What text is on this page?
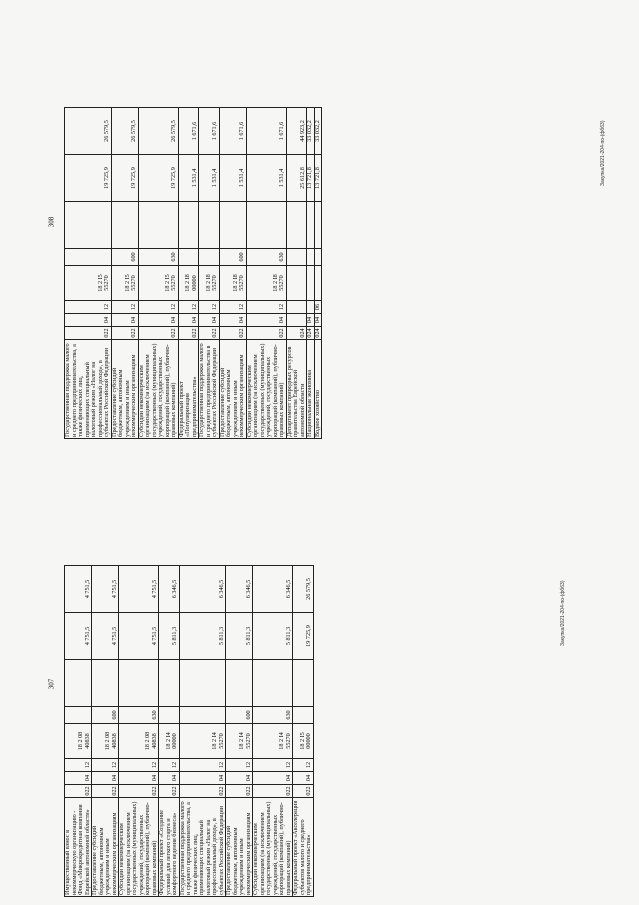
Имущественный взнос в некоммерческую организацию - Фонд «Микрокредитная компания Еврейской автономной области»	022	04	12	18 2 08 40838			4 751,5	4 751,5
Предоставление субсидий бюджетным, автономным учреждениям и иным некоммерческим организациям	022	04	12	18 2 08 40838	600		4 751,5	4 751,5
Субсидии некоммерческим организациям (за исключением государственных (муниципальных) учреждений, государственных корпораций (компаний), публично-правовых компаний)	022	04	12	18 2 08 40838	630		4 751,5	4 751,5
Федеральный проект «Создание условий для легкого старта и комфортного ведения бизнеса»	022	04	12	18 2 I4 00000			5 811,3	6 346,5
Государственная поддержка малого и среднего предпринимательства, а также физических лиц, применяющих специальный налоговый режим «Налог на профессиональный доход», в субъектах Российской Федерации	022	04	12	18 2 I4 55270			5 811,3	6 346,5
Предоставление субсидий бюджетным, автономным учреждениям и иным некоммерческим организациям	022	04	12	18 2 I4 55270	600		5 811,3	6 346,5
Субсидии некоммерческим организациям (за исключением государственных (муниципальных) учреждений, государственных корпораций (компаний), публично-правовых компаний)	022	04	12	18 2 I4 55270	630		5 811,3	6 346,5
Федеральный проект «Акселерация субъектов малого и среднего предпринимательства»	022	04	12	18 2 I5 00000			19 725,9	26 579,5
Государственная поддержка малого и среднего предпринимательства, а также физических лиц, применяющих специальный налоговый режим «Налог на профессиональный доход», в субъектах Российской Федерации	022	04	12	18 2 I5 55270			19 725,9	26 579,5
Предоставление субсидий бюджетным, автономным учреждениям и иным некоммерческим организациям	022	04	12	18 2 I5 55270	600		19 725,9	26 579,5
Субсидии некоммерческим организациям (за исключением государственных (муниципальных) учреждений, государственных корпораций (компаний), публично-правовых компаний)	022	04	12	18 2 I5 55270	630		19 725,9	26 579,5
Федеральный проект «Популяризация предпринимательства»	022	04	12	18 2 I8 00000			1 531,4	1 671,6
Государственная поддержка малого и среднего предпринимательства в субъектах Российской Федерации	022	04	12	18 2 I8 55270			1 531,4	1 671,6
Предоставление субсидий бюджетным, автономным учреждениям и иным некоммерческим организациям	022	04	12	18 2 I8 55270	600		1 531,4	1 671,6
Субсидии некоммерческим организациям (за исключением государственных (муниципальных) учреждений, государственных корпораций (компаний), публично-правовых компаний)	022	04	12	18 2 I8 55270	630		1 531,4	1 671,6
Департамент природных ресурсов правительства Еврейской автономной области	024						25 612,8	44 923,2
Национальная экономика	024	04					13 721,8	33 032,2
Водное хозяйство	024	04	06				13 721,8	33 032,2
307
308
Закупка/2021-204-по-(фб63)
Закупка/2021-204-по-(фб63)
